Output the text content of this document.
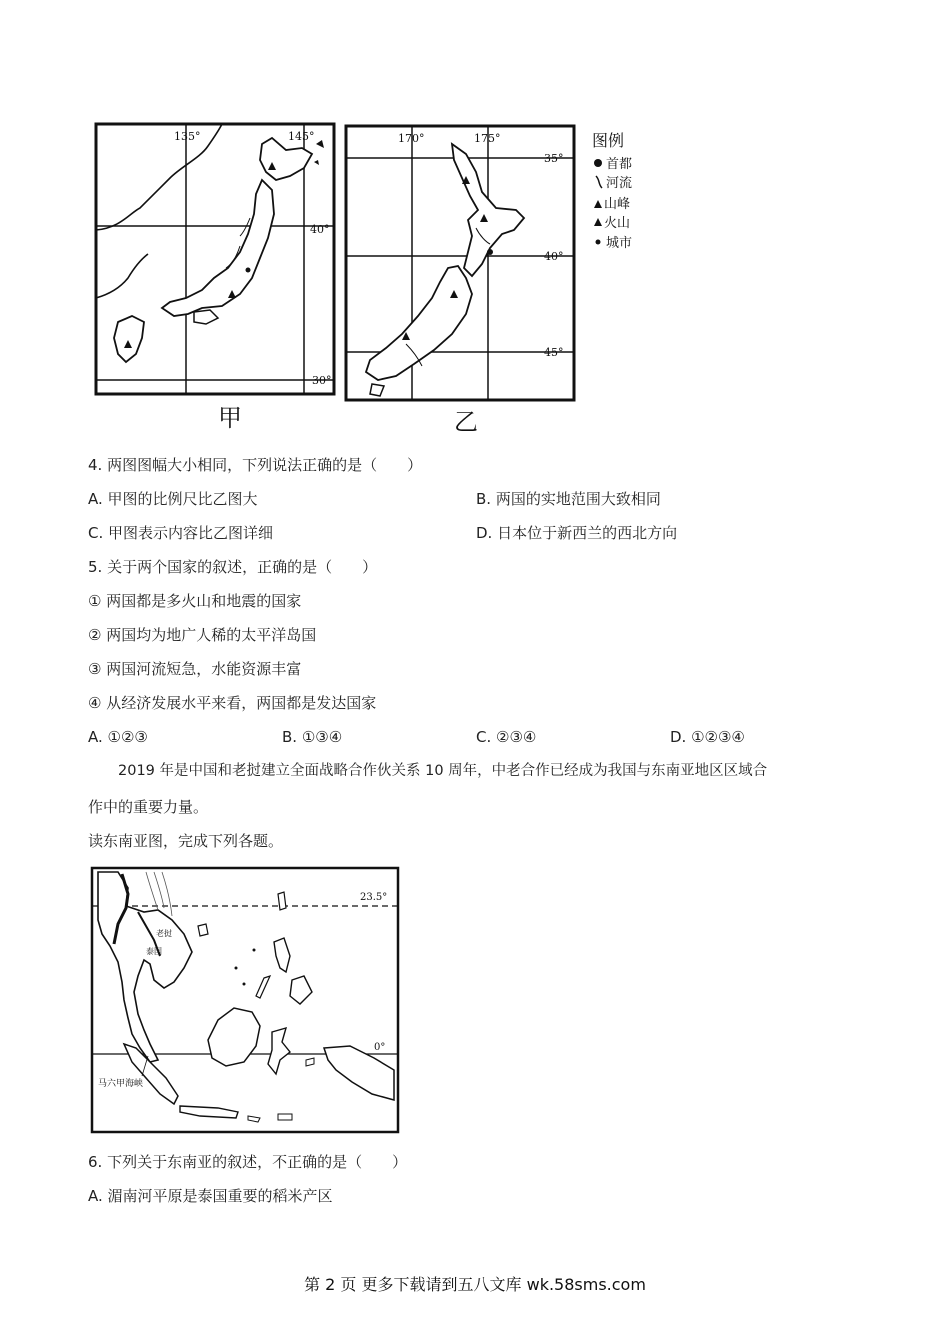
135°	145°
40°
30°
甲
170°	175°
35°
40°
45°
乙
图例
首都
河流
山峰
火山
城市
4. 两图图幅大小相同，下列说法正确的是（　　）
A. 甲图的比例尺比乙图大	B. 两国的实地范围大致相同
C. 甲图表示内容比乙图详细	D. 日本位于新西兰的西北方向
5. 关于两个国家的叙述，正确的是（　　）
① 两国都是多火山和地震的国家
② 两国均为地广人稀的太平洋岛国
③ 两国河流短急，水能资源丰富
④ 从经济发展水平来看，两国都是发达国家
A. ①②③	B. ①③④	C. ②③④	D. ①②③④
2019 年是中国和老挝建立全面战略合作伙关系 10 周年，中老合作已经成为我国与东南亚地区区域合
作中的重要力量。
读东南亚图，完成下列各题。
23.5°
0°
老挝
泰国
马六甲海峡
6. 下列关于东南亚的叙述，不正确的是（　　）
A. 湄南河平原是泰国重要的稻米产区
第 2 页 更多下载请到五八文库 wk.58sms.com
